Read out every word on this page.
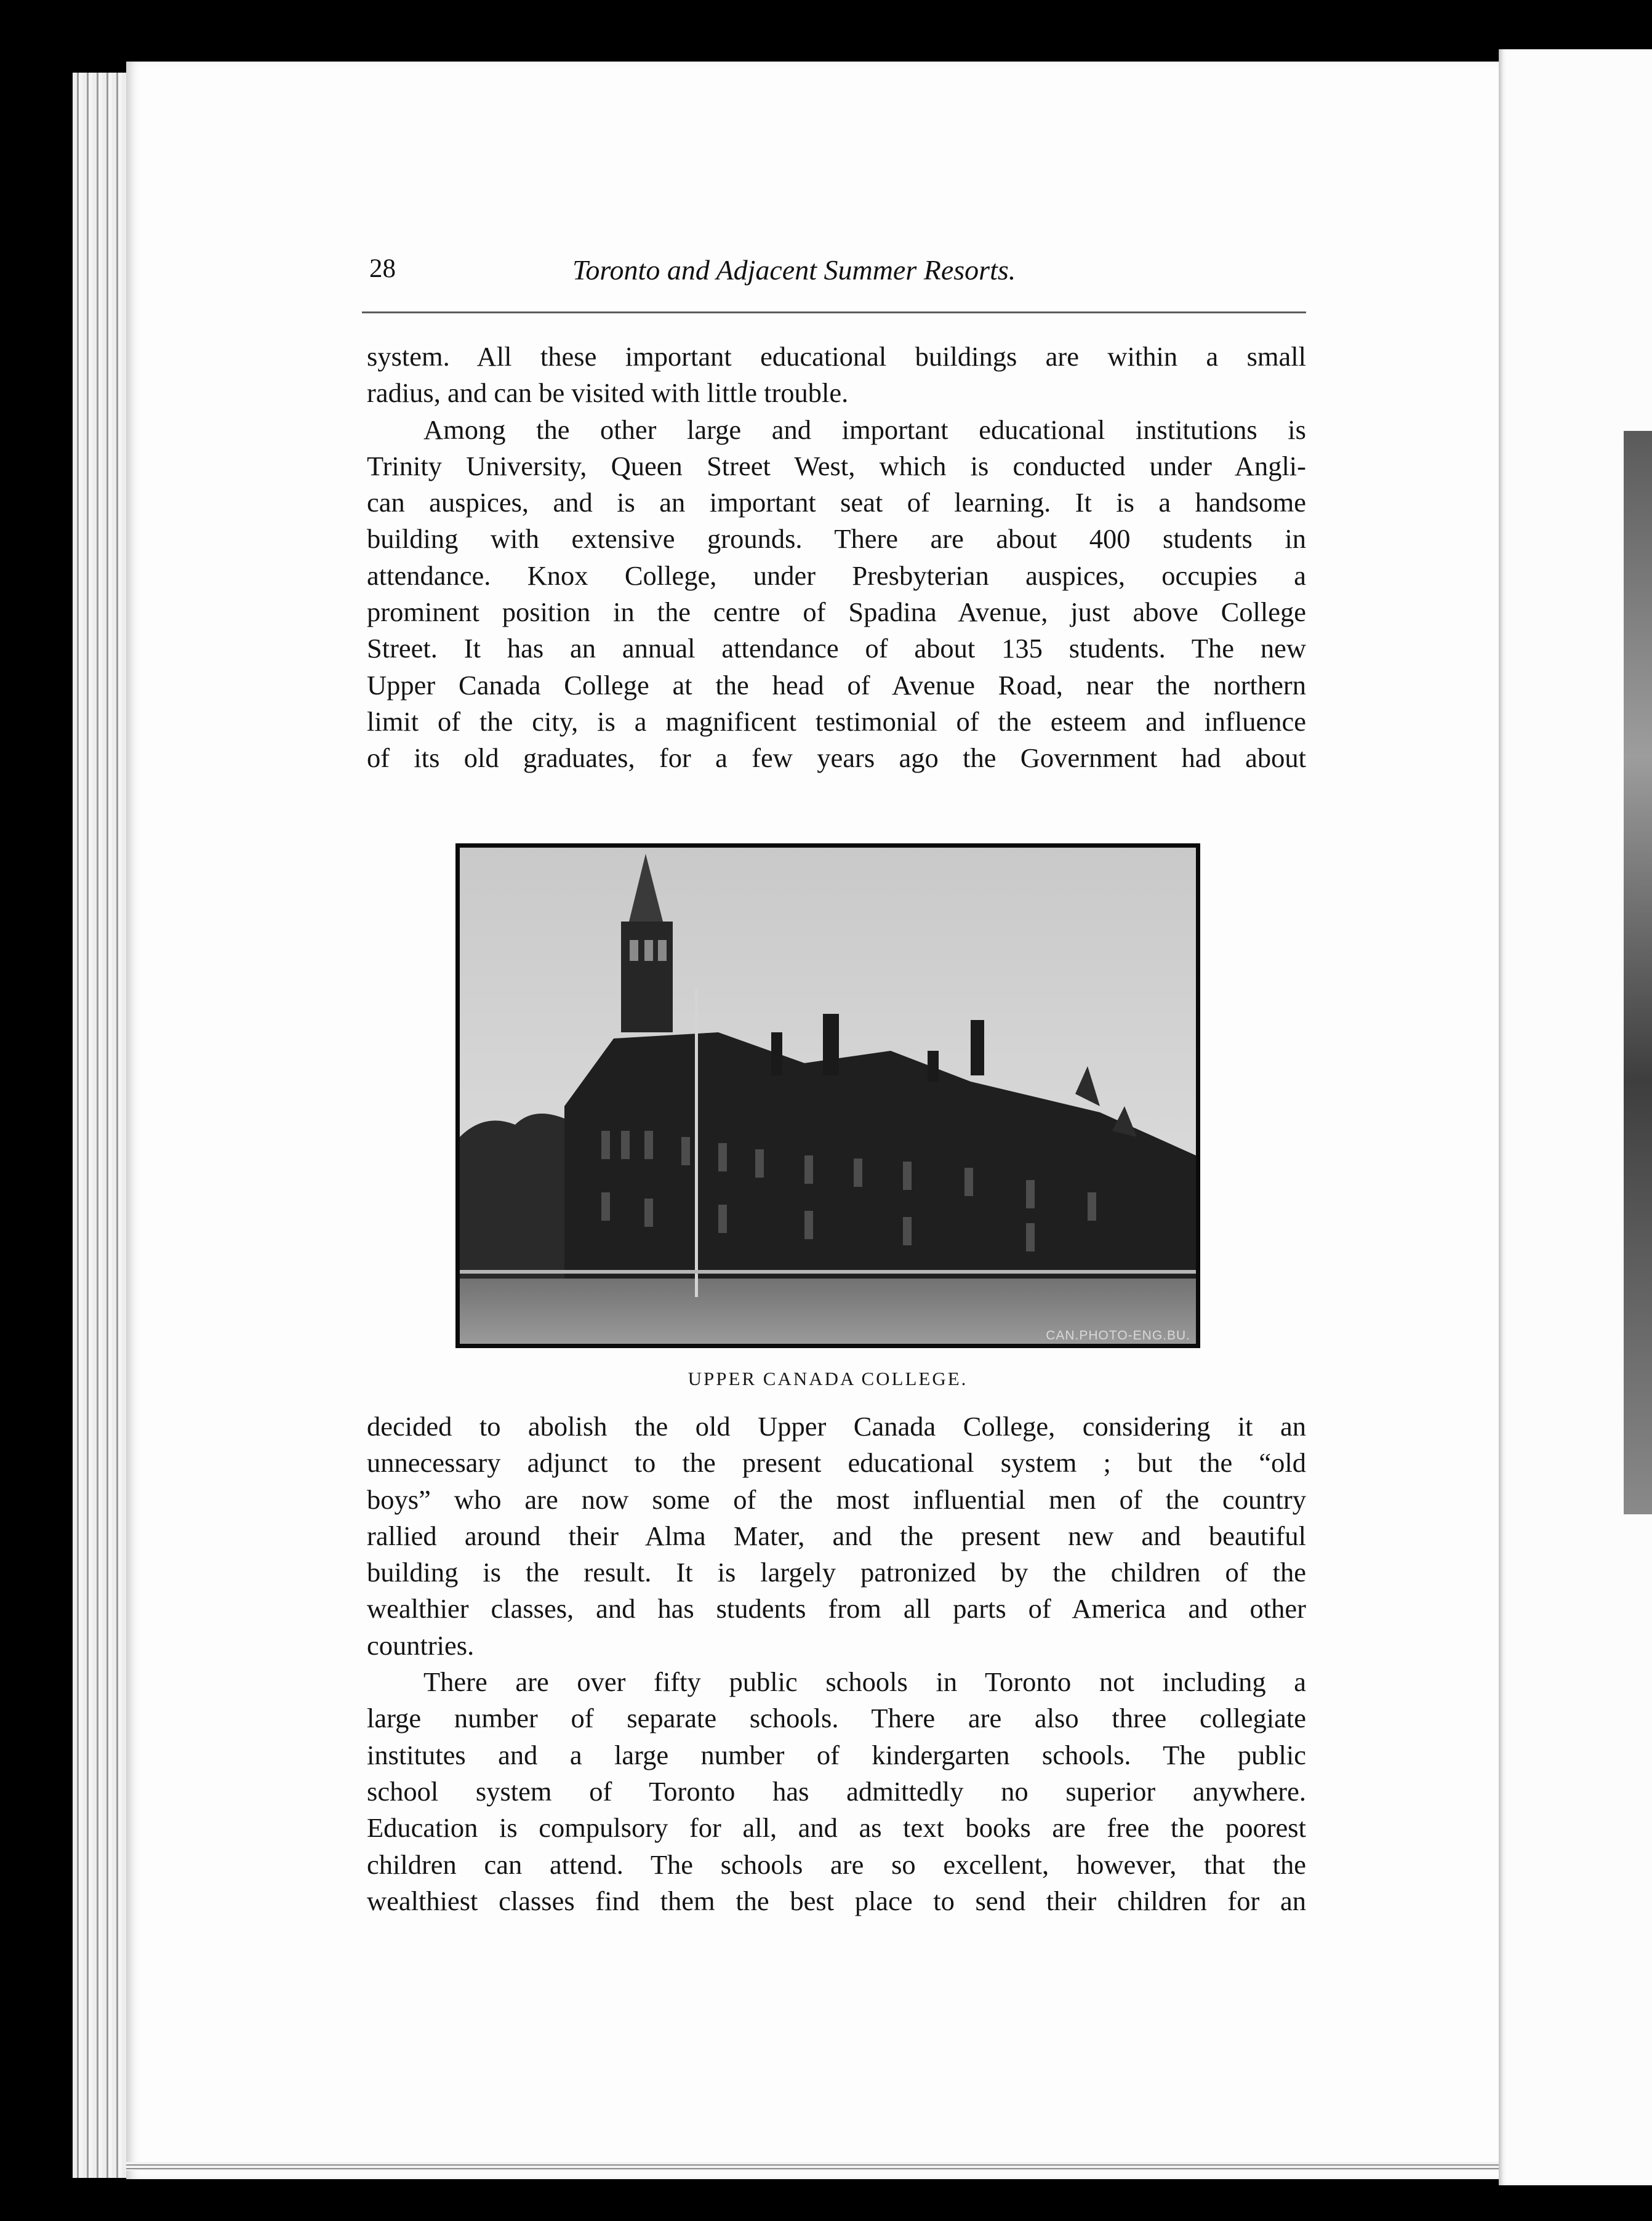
28	Toronto and Adjacent Summer Resorts.
system. All these important educational buildings are within a small
radius, and can be visited with little trouble.
Among the other large and important educational institutions is
Trinity University, Queen Street West, which is conducted under Angli-
can auspices, and is an important seat of learning. It is a handsome
building with extensive grounds. There are about 400 students in
attendance. Knox College, under Presbyterian auspices, occupies a
prominent position in the centre of Spadina Avenue, just above College
Street. It has an annual attendance of about 135 students. The new
Upper Canada College at the head of Avenue Road, near the northern
limit of the city, is a magnificent testimonial of the esteem and influence
of its old graduates, for a few years ago the Government had about
CAN.PHOTO-ENG.BU.
UPPER CANADA COLLEGE.
decided to abolish the old Upper Canada College, considering it an
unnecessary adjunct to the present educational system ; but the “old
boys” who are now some of the most influential men of the country
rallied around their Alma Mater, and the present new and beautiful
building is the result. It is largely patronized by the children of the
wealthier classes, and has students from all parts of America and other
countries.
There are over fifty public schools in Toronto not including a
large number of separate schools. There are also three collegiate
institutes and a large number of kindergarten schools. The public
school system of Toronto has admittedly no superior anywhere.
Education is compulsory for all, and as text books are free the poorest
children can attend. The schools are so excellent, however, that the
wealthiest classes find them the best place to send their children for an
